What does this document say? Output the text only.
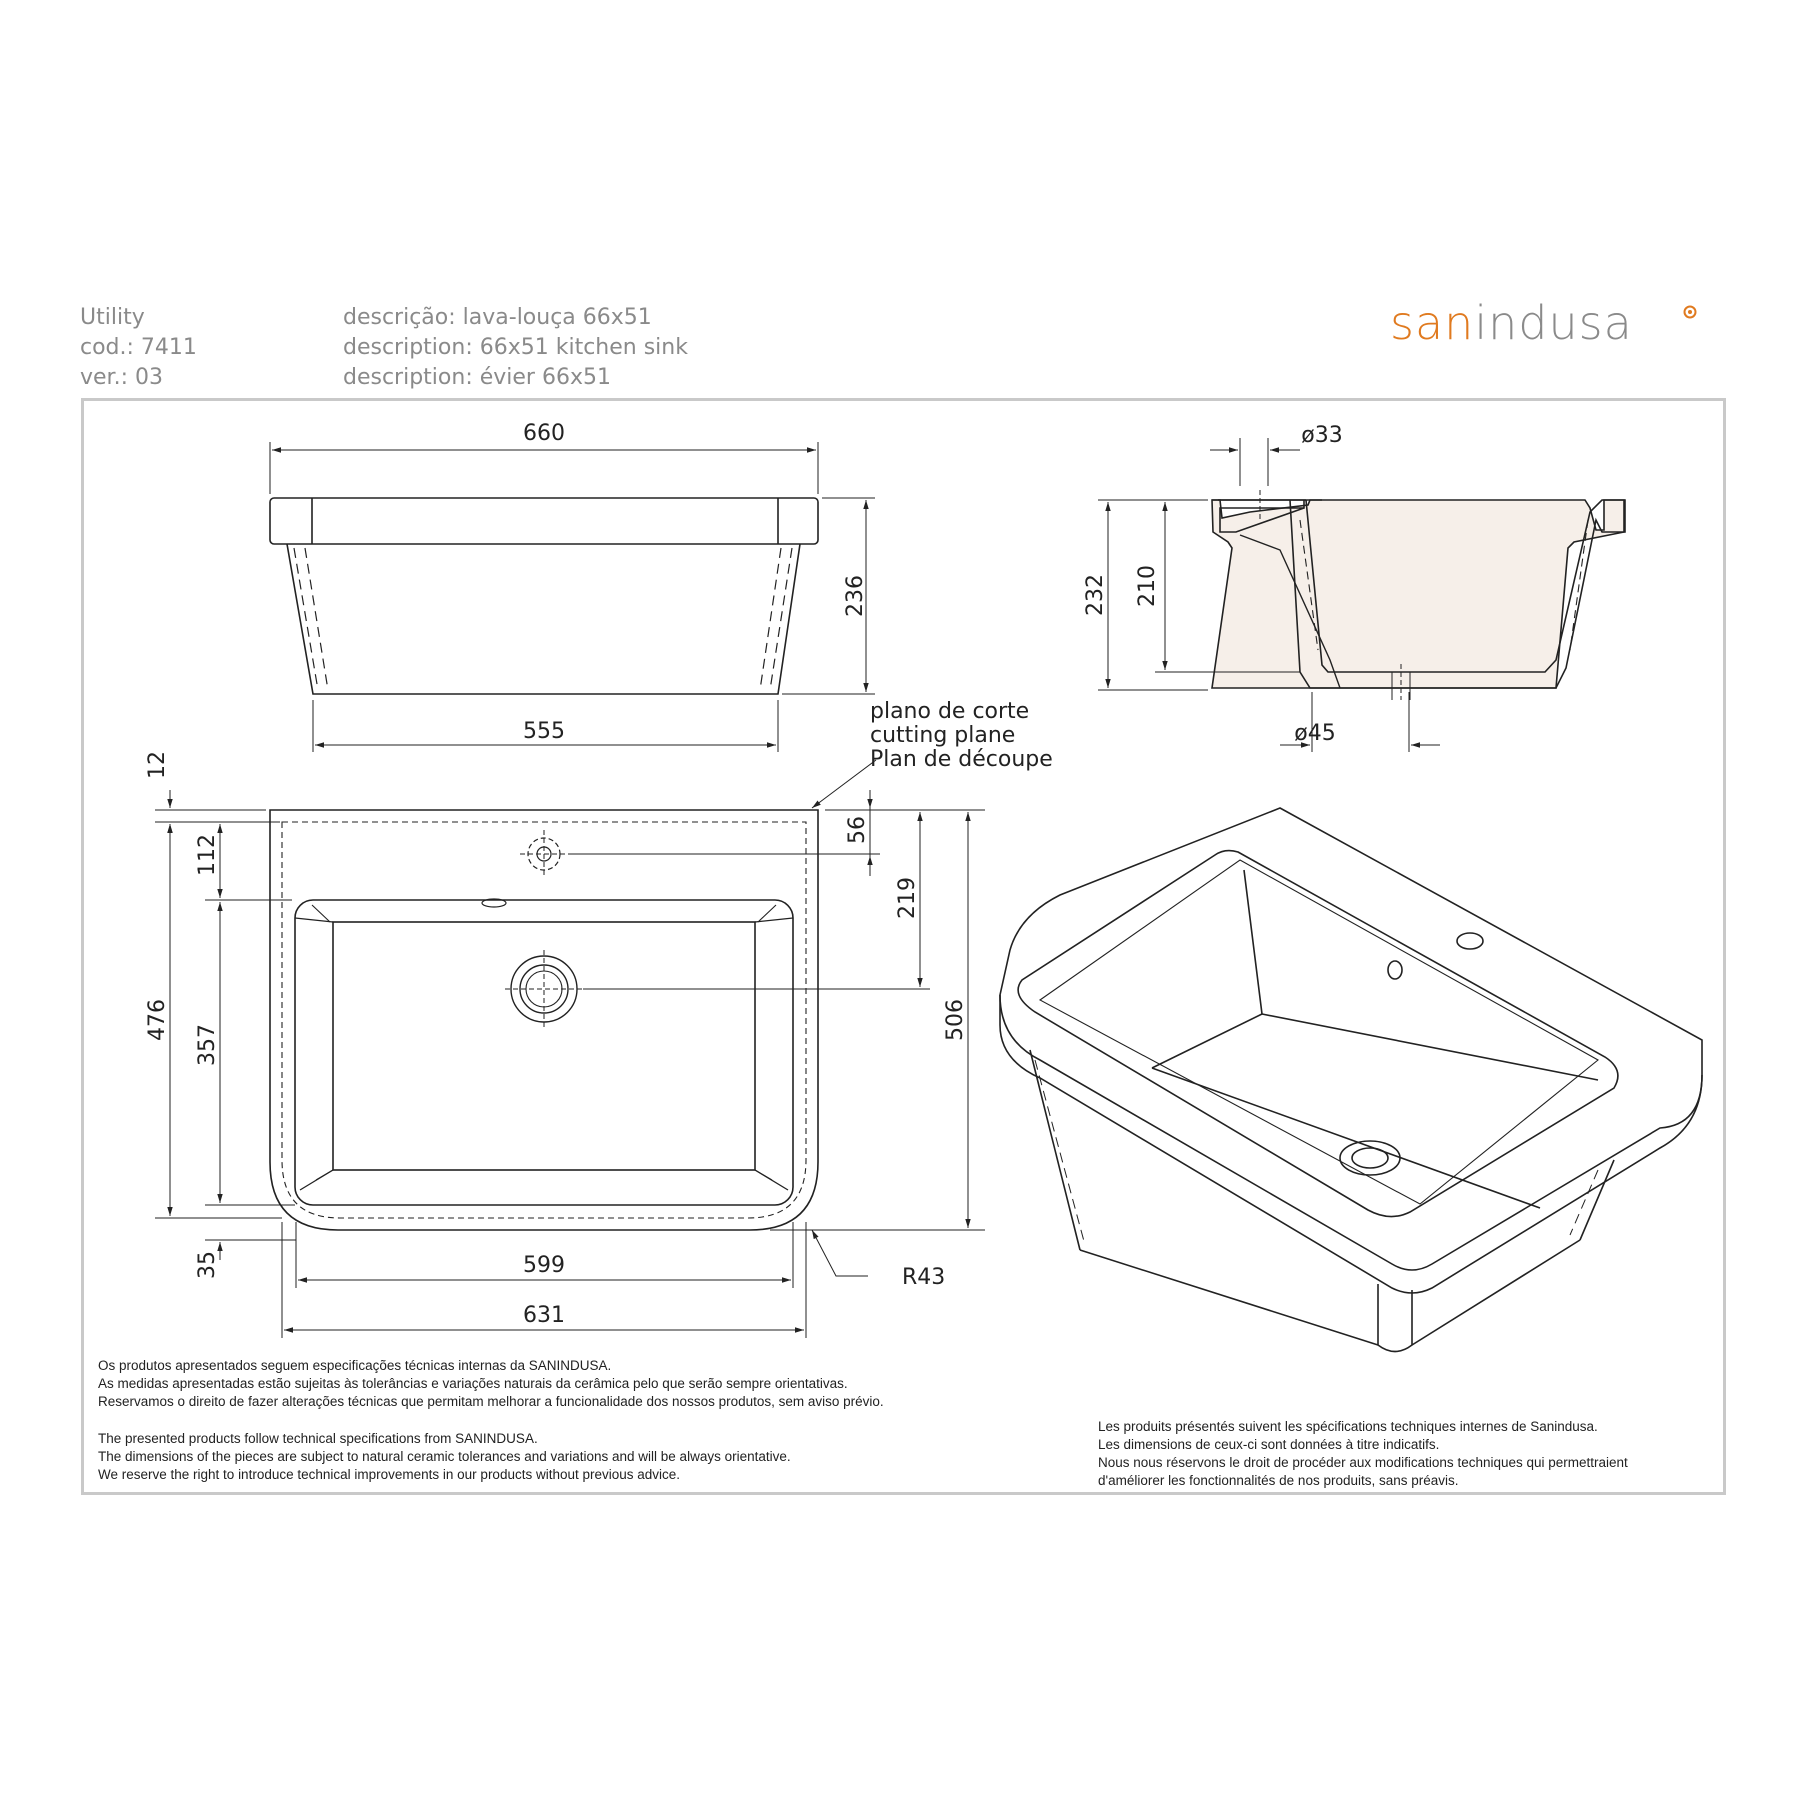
Utility
cod.: 7411
ver.: 03
descrição: lava-louça 66x51
description: 66x51 kitchen sink
description: évier 66x51
sanindusa
660
555
236
ø33
232 210
ø45
12
112
476
357
35
56
219
506
599
631
R43
plano de corte
cutting plane
Plan de découpe

Os produtos apresentados seguem especificações técnicas internas da SANINDUSA.

As medidas apresentadas estão sujeitas às tolerâncias e variações naturais da cerâmica pelo que serão sempre orientativas.

Reservamos o direito de fazer alterações técnicas que permitam melhorar a funcionalidade dos nossos produtos, sem aviso prévio.

The presented products follow technical specifications from SANINDUSA.

The dimensions of the pieces are subject to natural ceramic tolerances and variations and will be always orientative.

We reserve the right to introduce technical improvements in our products without previous advice.

Les produits présentés suivent les spécifications techniques internes de Sanindusa.

Les dimensions de ceux-ci sont données à titre indicatifs.

Nous nous réservons le droit de procéder aux modifications techniques qui permettraient

d'améliorer les fonctionnalités de nos produits, sans préavis.
